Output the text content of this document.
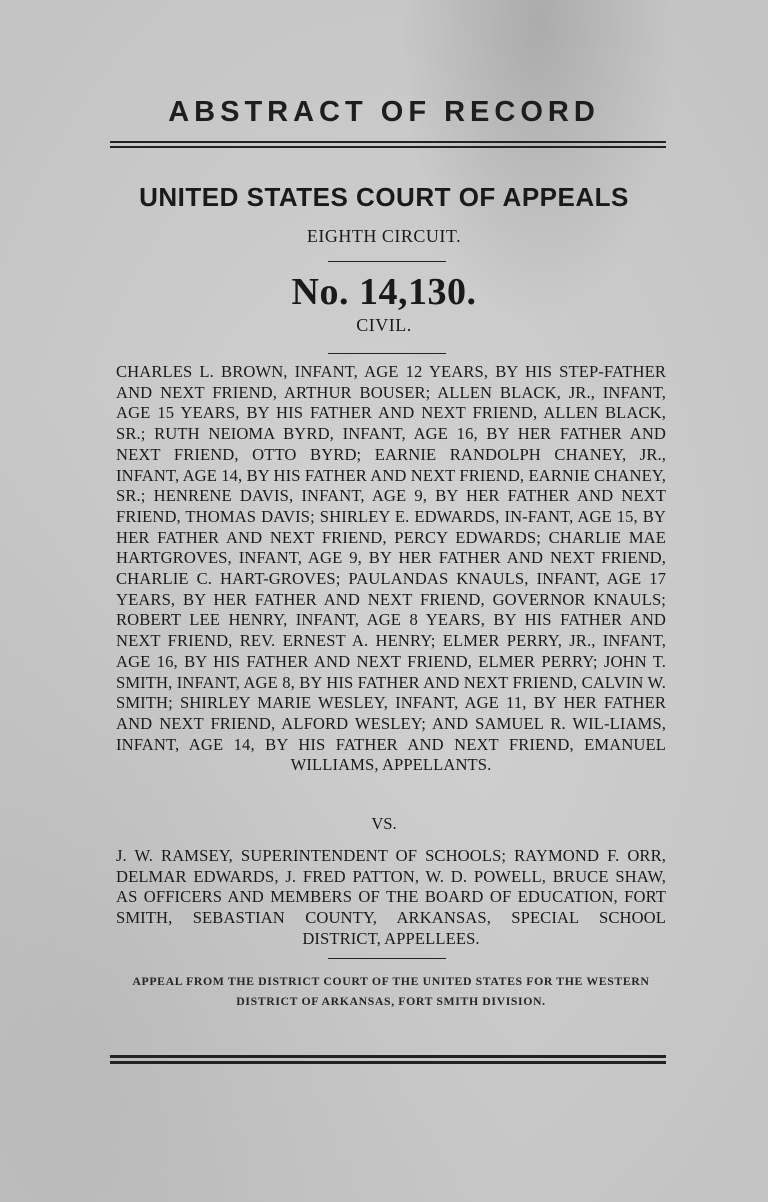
ABSTRACT OF RECORD
UNITED STATES COURT OF APPEALS
EIGHTH CIRCUIT.
No. 14,130.
CIVIL.

CHARLES L. BROWN, INFANT, AGE 12 YEARS, BY HIS STEP-FATHER AND NEXT FRIEND, ARTHUR BOUSER; ALLEN BLACK, JR., INFANT, AGE 15 YEARS, BY HIS FATHER AND NEXT FRIEND, ALLEN BLACK, SR.; RUTH NEIOMA BYRD, INFANT, AGE 16, BY HER FATHER AND NEXT FRIEND, OTTO BYRD; EARNIE RANDOLPH CHANEY, JR., INFANT, AGE 14, BY HIS FATHER AND NEXT FRIEND, EARNIE CHANEY, SR.; HENRENE DAVIS, INFANT, AGE 9, BY HER FATHER AND NEXT FRIEND, THOMAS DAVIS; SHIRLEY E. EDWARDS, IN-FANT, AGE 15, BY HER FATHER AND NEXT FRIEND, PERCY EDWARDS; CHARLIE MAE HARTGROVES, INFANT, AGE 9, BY HER FATHER AND NEXT FRIEND, CHARLIE C. HART-GROVES; PAULANDAS KNAULS, INFANT, AGE 17 YEARS, BY HER FATHER AND NEXT FRIEND, GOVERNOR KNAULS; ROBERT LEE HENRY, INFANT, AGE 8 YEARS, BY HIS FATHER AND NEXT FRIEND, REV. ERNEST A. HENRY; ELMER PERRY, JR., INFANT, AGE 16, BY HIS FATHER AND NEXT FRIEND, ELMER PERRY; JOHN T. SMITH, INFANT, AGE 8, BY HIS FATHER AND NEXT FRIEND, CALVIN W. SMITH; SHIRLEY MARIE WESLEY, INFANT, AGE 11, BY HER FATHER AND NEXT FRIEND, ALFORD WESLEY; AND SAMUEL R. WIL-LIAMS, INFANT, AGE 14, BY HIS FATHER AND NEXT FRIEND, EMANUEL WILLIAMS, APPELLANTS.

VS.

J. W. RAMSEY, SUPERINTENDENT OF SCHOOLS; RAYMOND F. ORR, DELMAR EDWARDS, J. FRED PATTON, W. D. POWELL, BRUCE SHAW, AS OFFICERS AND MEMBERS OF THE BOARD OF EDUCATION, FORT SMITH, SEBASTIAN COUNTY, ARKANSAS, SPECIAL SCHOOL DISTRICT, APPELLEES.

APPEAL FROM THE DISTRICT COURT OF THE UNITED STATES FOR THE WESTERN DISTRICT OF ARKANSAS, FORT SMITH DIVISION.
